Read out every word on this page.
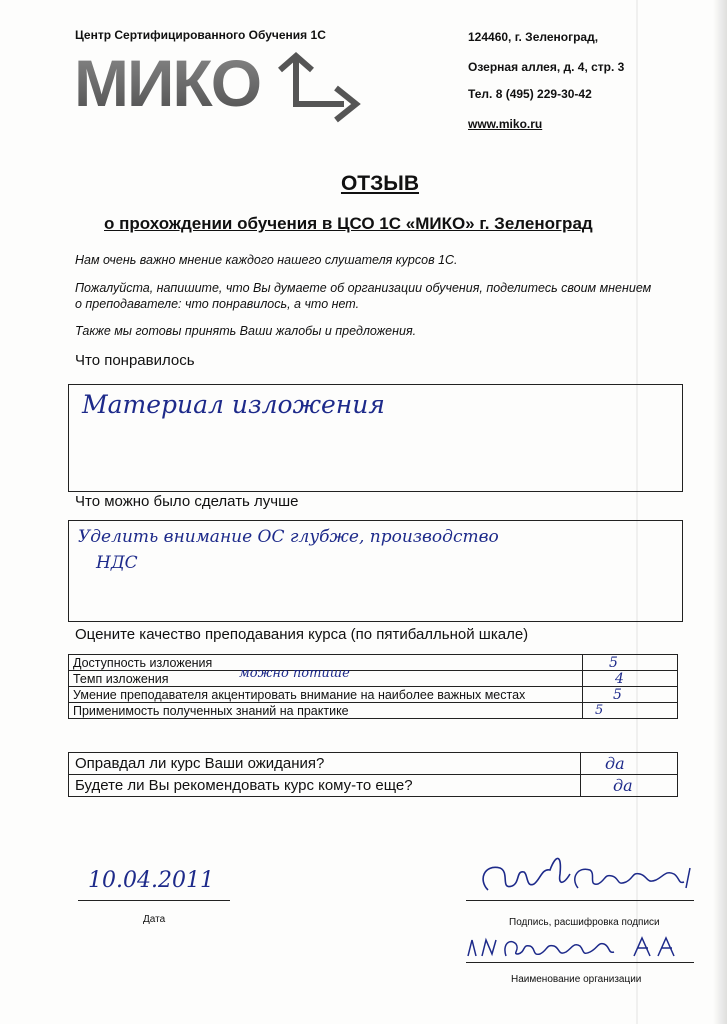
Центр Сертифицированного Обучения 1С
МИКО
124460, г. Зеленоград,
Озерная аллея, д. 4, стр. 3
Тел. 8 (495) 229-30-42
www.miko.ru
ОТЗЫВ
о прохождении обучения в ЦСО 1С «МИКО» г. Зеленоград
Нам очень важно мнение каждого нашего слушателя курсов 1С.
Пожалуйста, напишите, что Вы думаете об организации обучения, поделитесь своим мнением о преподавателе: что понравилось, а что нет.
Также мы готовы принять Ваши жалобы и предложения.
Что понравилось
Материал изложения
Что можно было сделать лучше
Уделить внимание ОС глубже, производство
НДС
Оцените качество преподавания курса (по пятибалльной шкале)
Доступность изложения	5
Темп изложения можно потише	4
Умение преподавателя акцентировать внимание на наиболее важных местах	5
Применимость полученных знаний на практике	5
Оправдал ли курс Ваши ожидания?	да
Будете ли Вы рекомендовать курс кому-то еще?	да
10.04.2011
Дата	Подпись, расшифровка подписи
Наименование организации
